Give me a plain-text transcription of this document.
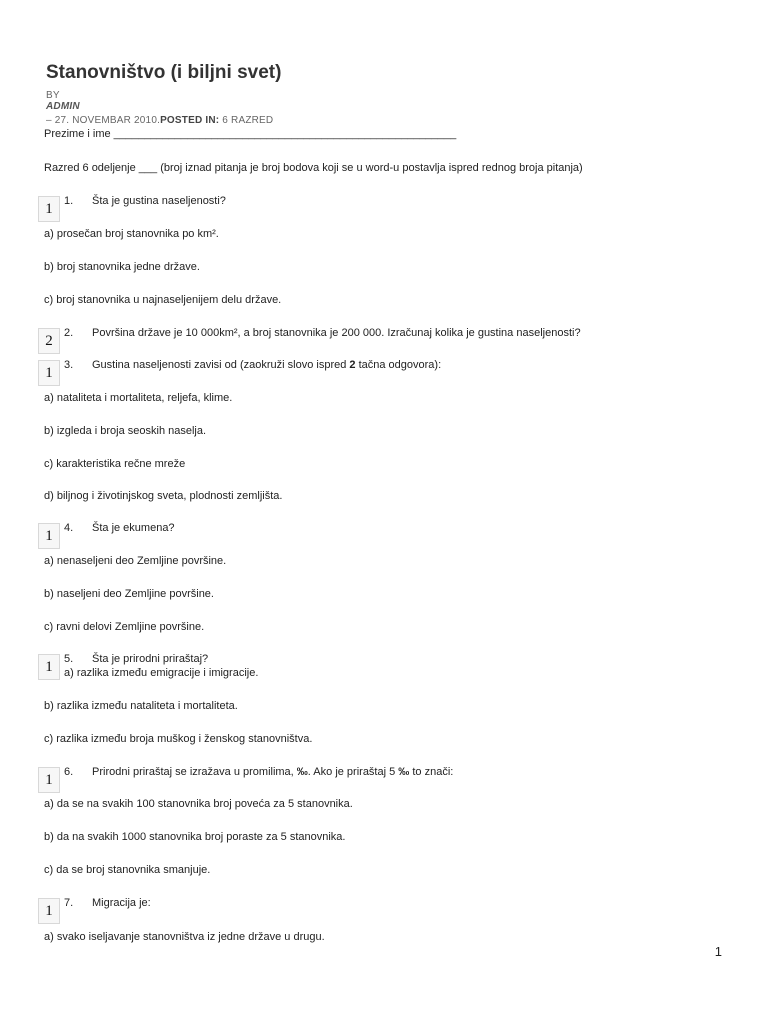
Stanovništvo (i biljni svet)
BY
ADMIN
– 27. NOVEMBAR 2010.POSTED IN: 6 RAZRED
Prezime i ime ________________________________________________________
Razred 6 odeljenje ___ (broj iznad pitanja je broj bodova koji se u word-u postavlja ispred rednog broja pitanja)
1	1. Šta je gustina naseljenosti?
a) prosečan broj stanovnika po km².
b) broj stanovnika jedne države.
c) broj stanovnika u najnaseljenijem delu države.
2	2. Površina države je 10 000km², a broj stanovnika je 200 000. Izračunaj kolika je gustina naseljenosti?
1	3. Gustina naseljenosti zavisi od (zaokruži slovo ispred 2 tačna odgovora):
a) nataliteta i mortaliteta, reljefa, klime.
b) izgleda i broja seoskih naselja.
c) karakteristika rečne mreže
d) biljnog i životinjskog sveta, plodnosti zemljišta.
1	4. Šta je ekumena?
a) nenaseljeni deo Zemljine površine.
b) naseljeni deo Zemljine površine.
c) ravni delovi Zemljine površine.
1	5. Šta je prirodni priraštaj?
a) razlika između emigracije i imigracije.
b) razlika između nataliteta i mortaliteta.
c) razlika između broja muškog i ženskog stanovništva.
1	6. Prirodni priraštaj se izražava u promilima, ‰. Ako je priraštaj 5 ‰ to znači:
a) da se na svakih 100 stanovnika broj poveća za 5 stanovnika.
b) da na svakih 1000 stanovnika broj poraste za 5 stanovnika.
c) da se broj stanovnika smanjuje.
1	7. Migracija je:
a) svako iseljavanje stanovništva iz jedne države u drugu.
1
